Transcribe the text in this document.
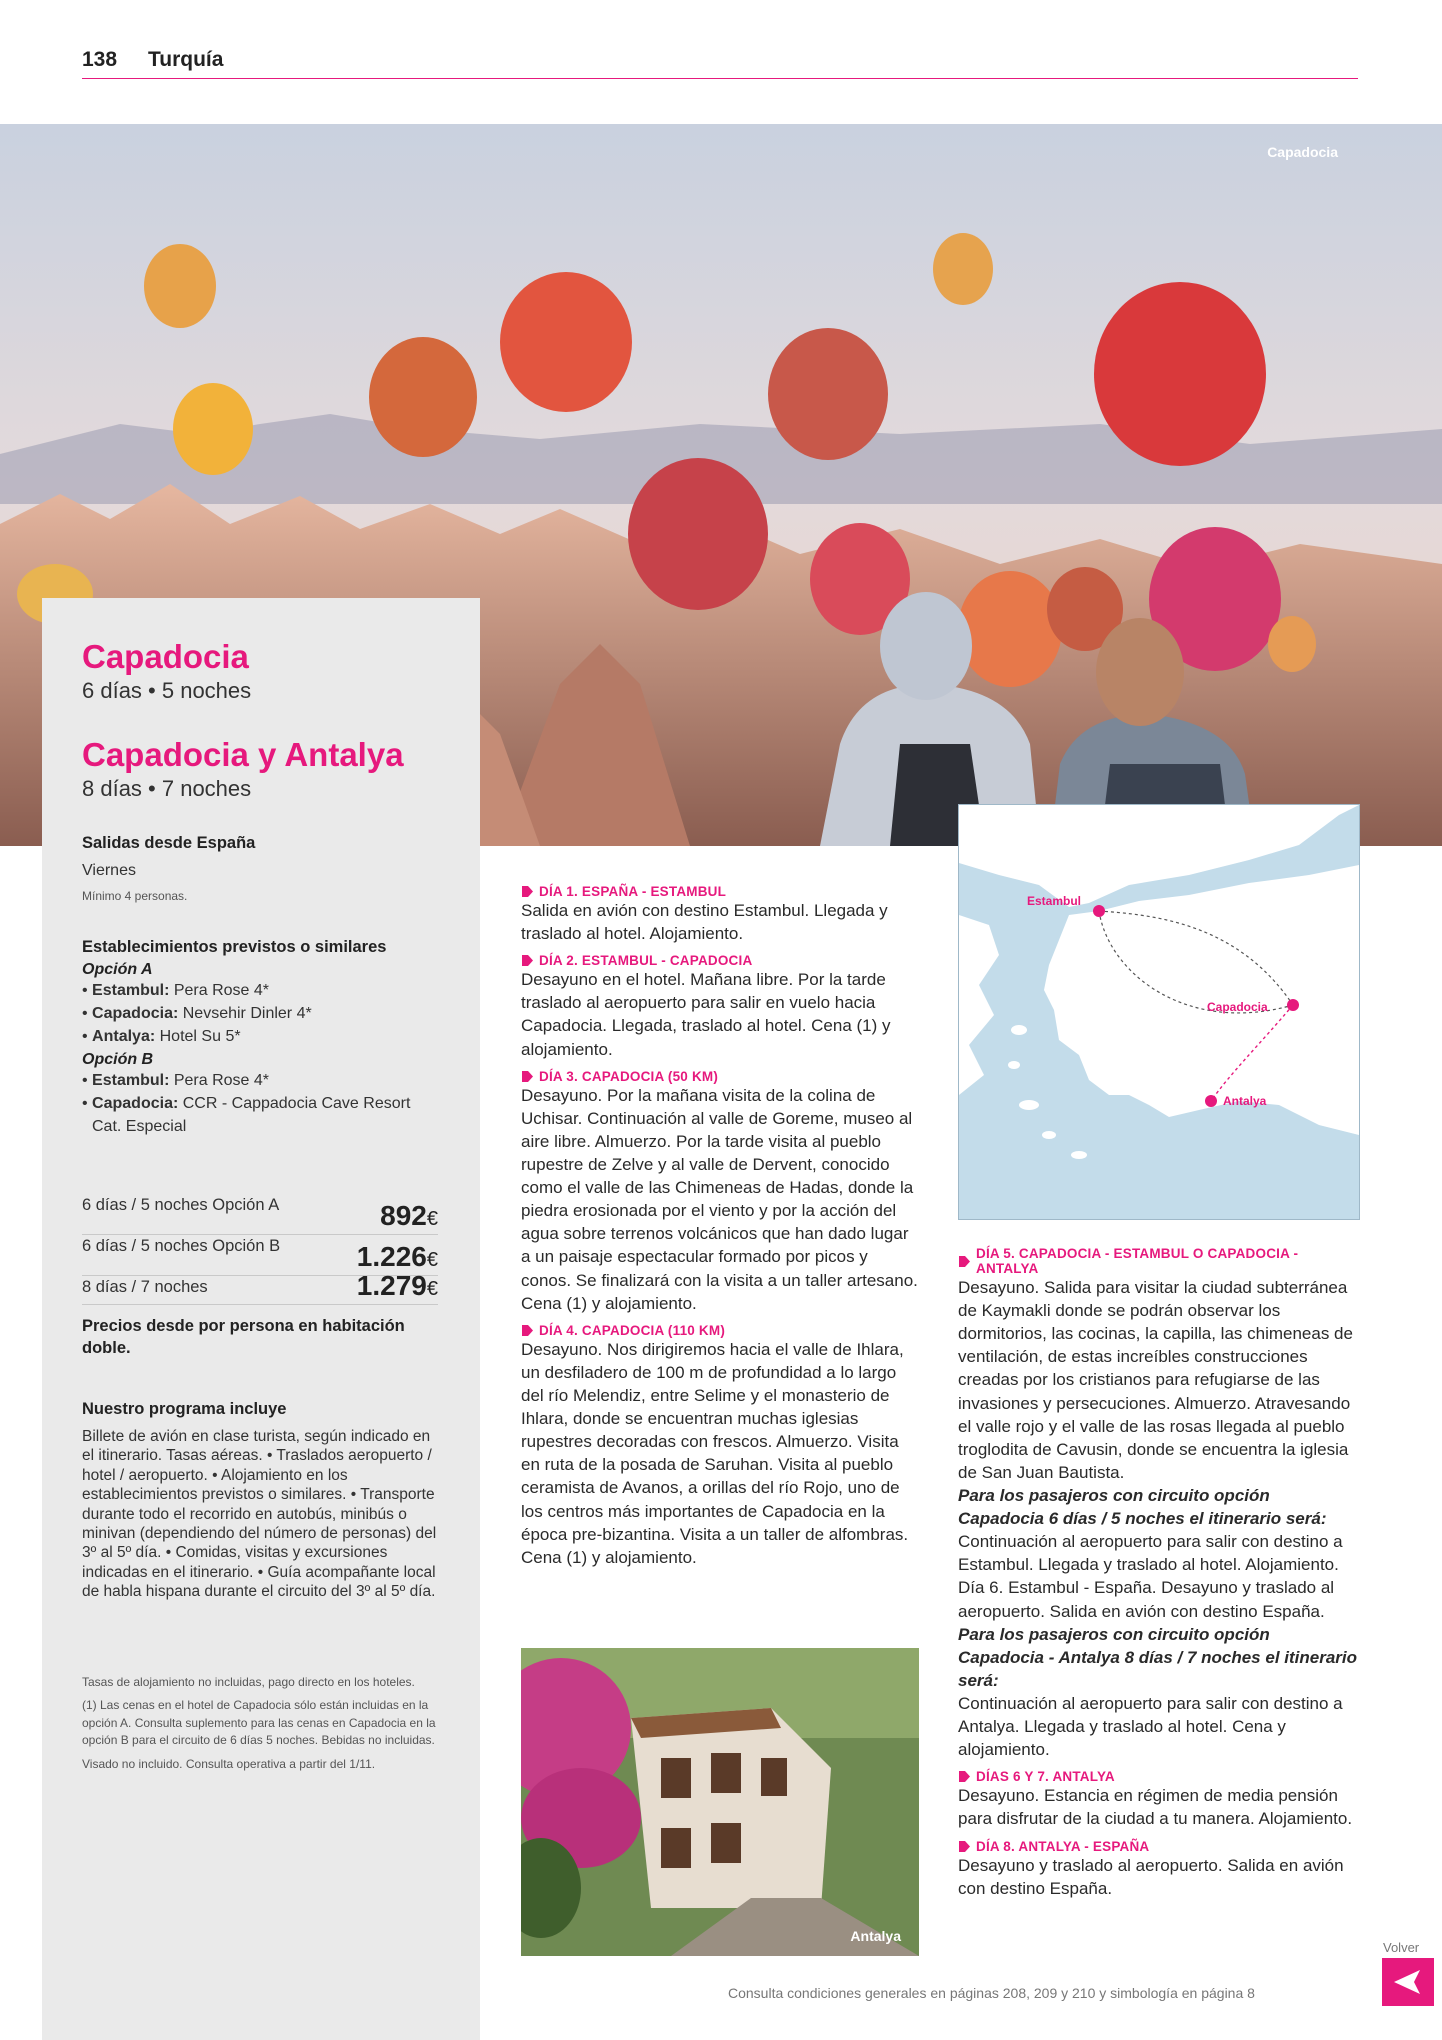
138 Turquía
Capadocia
Capadocia
6 días • 5 noches
Capadocia y Antalya
8 días • 7 noches
Salidas desde España
Viernes
Mínimo 4 personas.
Establecimientos previstos o similares
Opción A
• Estambul: Pera Rose 4*
• Capadocia: Nevsehir Dinler 4*
• Antalya: Hotel Su 5*
Opción B
• Estambul: Pera Rose 4*
• Capadocia: CCR - Cappadocia Cave Resort Cat. Especial
6 días / 5 noches Opción A	892€
6 días / 5 noches Opción B	1.226€
8 días / 7 noches	1.279€
Precios desde por persona en habitación doble.
Nuestro programa incluye
Billete de avión en clase turista, según indicado en el itinerario. Tasas aéreas. • Traslados aeropuerto / hotel / aeropuerto. • Alojamiento en los establecimientos previstos o similares. • Transporte durante todo el recorrido en autobús, minibús o minivan (dependiendo del número de personas) del 3º al 5º día. • Comidas, visitas y excursiones indicadas en el itinerario. • Guía acompañante local de habla hispana durante el circuito del 3º al 5º día.
Tasas de alojamiento no incluidas, pago directo en los hoteles.
(1) Las cenas en el hotel de Capadocia sólo están incluidas en la opción A. Consulta suplemento para las cenas en Capadocia en la opción B para el circuito de 6 días 5 noches. Bebidas no incluidas.
Visado no incluido. Consulta operativa a partir del 1/11.
DÍA 1. ESPAÑA - ESTAMBUL
Salida en avión con destino Estambul. Llegada y traslado al hotel. Alojamiento.
DÍA 2. ESTAMBUL - CAPADOCIA
Desayuno en el hotel. Mañana libre. Por la tarde traslado al aeropuerto para salir en vuelo hacia Capadocia. Llegada, traslado al hotel. Cena (1) y alojamiento.
DÍA 3. CAPADOCIA (50 KM)
Desayuno. Por la mañana visita de la colina de Uchisar. Continuación al valle de Goreme, museo al aire libre. Almuerzo. Por la tarde visita al pueblo rupestre de Zelve y al valle de Dervent, conocido como el valle de las Chimeneas de Hadas, donde la piedra erosionada por el viento y por la acción del agua sobre terrenos volcánicos que han dado lugar a un paisaje espectacular formado por picos y conos. Se finalizará con la visita a un taller artesano. Cena (1) y alojamiento.
DÍA 4. CAPADOCIA (110 KM)
Desayuno. Nos dirigiremos hacia el valle de Ihlara, un desfiladero de 100 m de profundidad a lo largo del río Melendiz, entre Selime y el monasterio de Ihlara, donde se encuentran muchas iglesias rupestres decoradas con frescos. Almuerzo. Visita en ruta de la posada de Saruhan. Visita al pueblo ceramista de Avanos, a orillas del río Rojo, uno de los centros más importantes de Capadocia en la época pre-bizantina. Visita a un taller de alfombras. Cena (1) y alojamiento.
Estambul
Capadocia
Antalya
DÍA 5. CAPADOCIA - ESTAMBUL O CAPADOCIA - ANTALYA
Desayuno. Salida para visitar la ciudad subterránea de Kaymakli donde se podrán observar los dormitorios, las cocinas, la capilla, las chimeneas de ventilación, de estas increíbles construcciones creadas por los cristianos para refugiarse de las invasiones y persecuciones. Almuerzo. Atravesando el valle rojo y el valle de las rosas llegada al pueblo troglodita de Cavusin, donde se encuentra la iglesia de San Juan Bautista.
Para los pasajeros con circuito opción Capadocia 6 días / 5 noches el itinerario será:
Continuación al aeropuerto para salir con destino a Estambul. Llegada y traslado al hotel. Alojamiento. Día 6. Estambul - España. Desayuno y traslado al aeropuerto. Salida en avión con destino España.
Para los pasajeros con circuito opción Capadocia - Antalya 8 días / 7 noches el itinerario será:
Continuación al aeropuerto para salir con destino a Antalya. Llegada y traslado al hotel. Cena y alojamiento.
DÍAS 6 Y 7. ANTALYA
Desayuno. Estancia en régimen de media pensión para disfrutar de la ciudad a tu manera. Alojamiento.
DÍA 8. ANTALYA - ESPAÑA
Desayuno y traslado al aeropuerto. Salida en avión con destino España.
Antalya
Consulta condiciones generales en páginas 208, 209 y 210 y simbología en página 8
Volver
